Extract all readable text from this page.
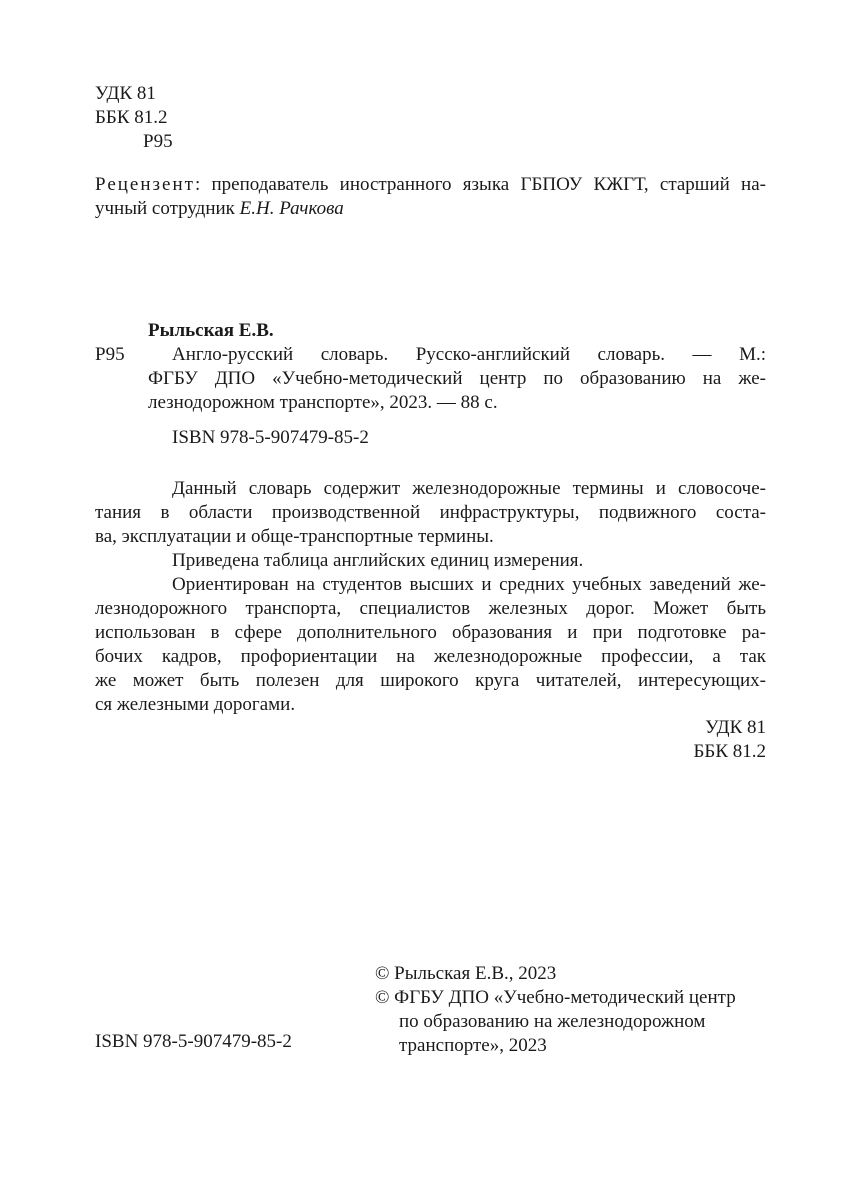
УДК 81
ББК 81.2
Р95
Рецензент: преподаватель иностранного языка ГБПОУ КЖГТ, старший на-
учный сотрудник Е.Н. Рачкова
Рыльская Е.В.
Р95 Англо-русский словарь. Русско-английский словарь. — М.:
ФГБУ ДПО «Учебно-методический центр по образованию на же-
лезнодорожном транспорте», 2023. — 88 с.
ISBN 978-5-907479-85-2
Данный словарь содержит железнодорожные термины и словосоче-
тания в области производственной инфраструктуры, подвижного соста-
ва, эксплуатации и обще-транспортные термины.
Приведена таблица английских единиц измерения.
Ориентирован на студентов высших и средних учебных заведений же-
лезнодорожного транспорта, специалистов железных дорог. Может быть
использован в сфере дополнительного образования и при подготовке ра-
бочих кадров, профориентации на железнодорожные профессии, а так
же может быть полезен для широкого круга читателей, интересующих-
ся железными дорогами.
УДК 81
ББК 81.2
© Рыльская Е.В., 2023
© ФГБУ ДПО «Учебно-методический центр
по образованию на железнодорожном
транспорте», 2023
ISBN 978-5-907479-85-2
